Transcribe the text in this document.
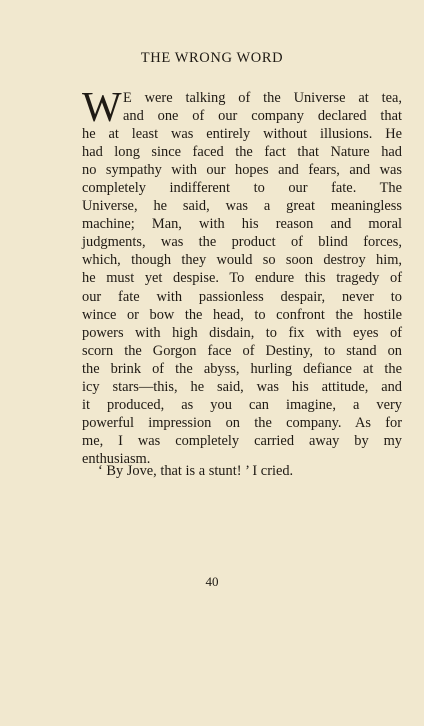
THE WRONG WORD
W E were talking of the Universe at tea,
and one of our company declared that
he at least was entirely without illusions. He
had long since faced the fact that Nature had
no sympathy with our hopes and fears, and was
completely indifferent to our fate. The
Universe, he said, was a great meaningless
machine; Man, with his reason and moral
judgments, was the product of blind forces,
which, though they would so soon destroy him,
he must yet despise. To endure this tragedy of
our fate with passionless despair, never to
wince or bow the head, to confront the hostile
powers with high disdain, to fix with eyes of
scorn the Gorgon face of Destiny, to stand on
the brink of the abyss, hurling defiance at the
icy stars—this, he said, was his attitude, and
it produced, as you can imagine, a very
powerful impression on the company. As for
me, I was completely carried away by my
enthusiasm.
‘ By Jove, that is a stunt! ’ I cried.
40
